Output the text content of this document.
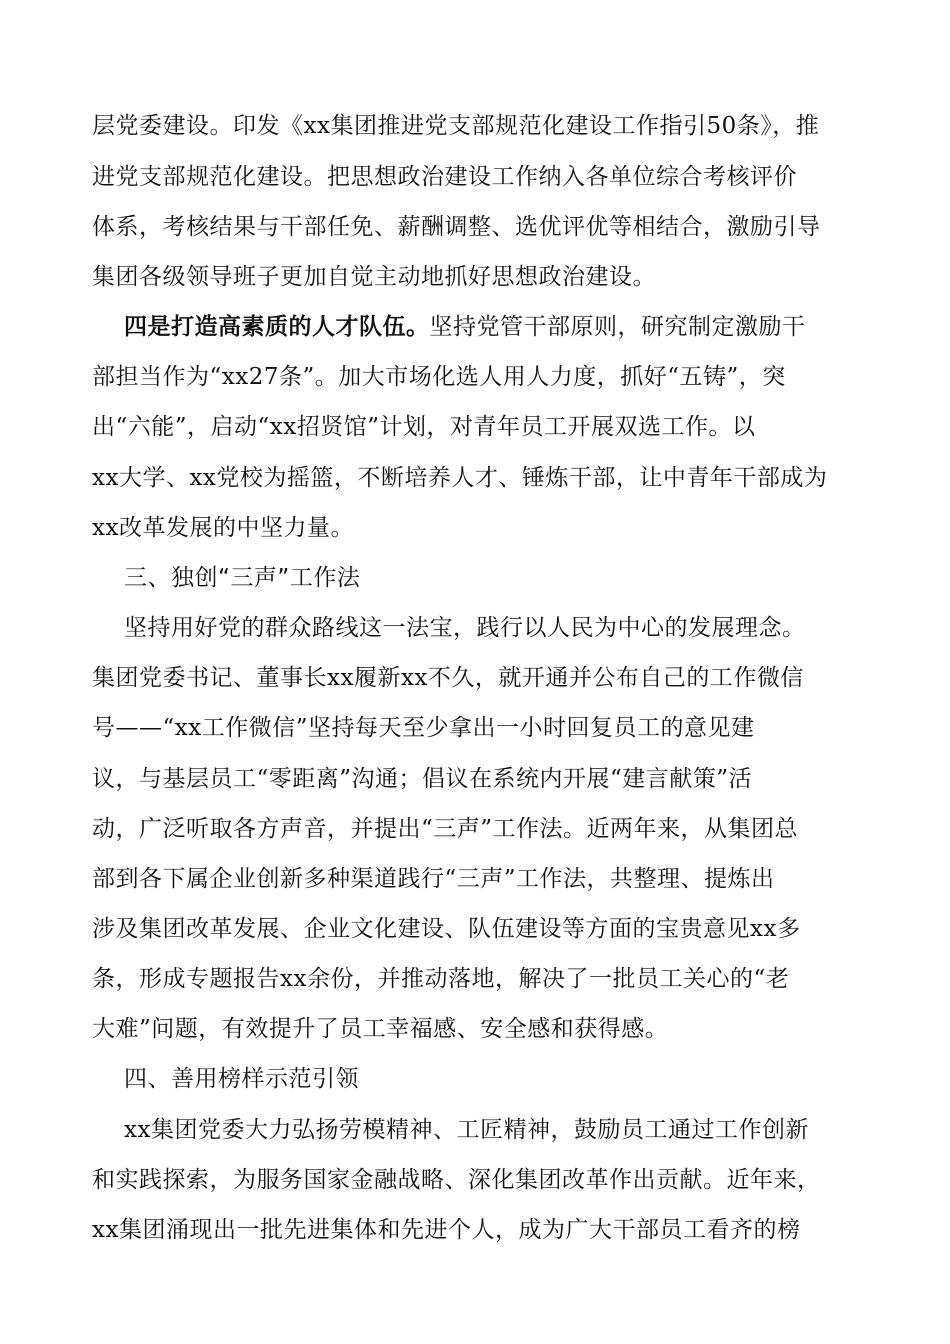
层党委建设。印发《xx集团推进党支部规范化建设工作指引50条》，推
进党支部规范化建设。把思想政治建设工作纳入各单位综合考核评价
体系，考核结果与干部任免、薪酬调整、选优评优等相结合，激励引导
集团各级领导班子更加自觉主动地抓好思想政治建设。
四是打造高素质的人才队伍。坚持党管干部原则，研究制定激励干
部担当作为“xx27条”。加大市场化选人用人力度，抓好“五铸”，突
出“六能”，启动“xx招贤馆”计划，对青年员工开展双选工作。以
xx大学、xx党校为摇篮，不断培养人才、锤炼干部，让中青年干部成为
xx改革发展的中坚力量。
三、独创“三声”工作法
坚持用好党的群众路线这一法宝，践行以人民为中心的发展理念。
集团党委书记、董事长xx履新xx不久，就开通并公布自己的工作微信
号——“xx工作微信”坚持每天至少拿出一小时回复员工的意见建
议，与基层员工“零距离”沟通；倡议在系统内开展“建言献策”活
动，广泛听取各方声音，并提出“三声”工作法。近两年来，从集团总
部到各下属企业创新多种渠道践行“三声”工作法，共整理、提炼出
涉及集团改革发展、企业文化建设、队伍建设等方面的宝贵意见xx多
条，形成专题报告xx余份，并推动落地，解决了一批员工关心的“老
大难”问题，有效提升了员工幸福感、安全感和获得感。
四、善用榜样示范引领
xx集团党委大力弘扬劳模精神、工匠精神，鼓励员工通过工作创新
和实践探索，为服务国家金融战略、深化集团改革作出贡献。近年来，
xx集团涌现出一批先进集体和先进个人，成为广大干部员工看齐的榜
